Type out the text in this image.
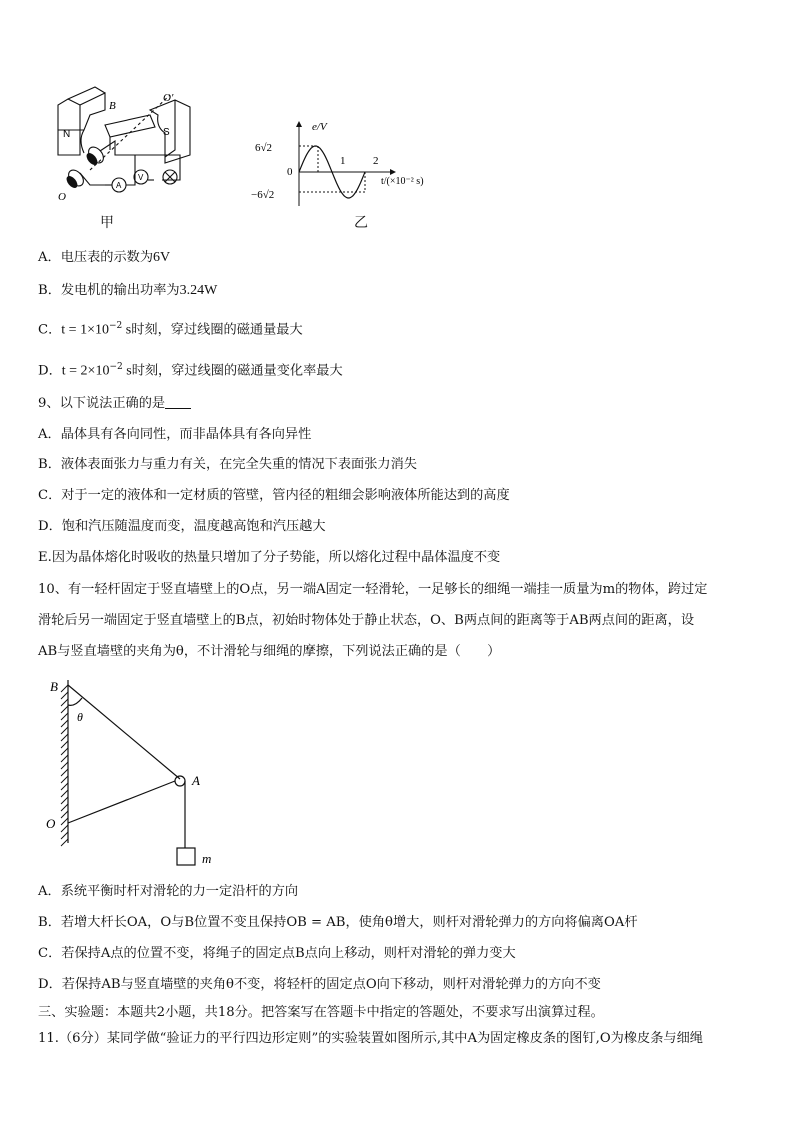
N	S
B
O′
O
A
V
甲
e/V
6√2
−6√2
0
1	2
t/(×10⁻² s)
乙
A．电压表的示数为6V
B．发电机的输出功率为3.24W
C．$t = 1\times 10^{-2}$ s时刻，穿过线圈的磁通量最大
D．$t = 2\times 10^{-2}$ s时刻，穿过线圈的磁通量变化率最大
9、以下说法正确的是
A．晶体具有各向同性，而非晶体具有各向异性
B．液体表面张力与重力有关，在完全失重的情况下表面张力消失
C．对于一定的液体和一定材质的管壁，管内径的粗细会影响液体所能达到的高度
D．饱和汽压随温度而变，温度越高饱和汽压越大
E.因为晶体熔化时吸收的热量只增加了分子势能，所以熔化过程中晶体温度不变
10、有一轻杆固定于竖直墙壁上的O点，另一端A固定一轻滑轮，一足够长的细绳一端挂一质量为m的物体，跨过定
滑轮后另一端固定于竖直墙壁上的B点，初始时物体处于静止状态，O、B两点间的距离等于AB两点间的距离，设
AB与竖直墙壁的夹角为θ，不计滑轮与细绳的摩擦，下列说法正确的是（　　）
B
θ
A
O
m
A．系统平衡时杆对滑轮的力一定沿杆的方向
B．若增大杆长OA，O与B位置不变且保持OB = AB，使角θ增大，则杆对滑轮弹力的方向将偏离OA杆
C．若保持A点的位置不变，将绳子的固定点B点向上移动，则杆对滑轮的弹力变大
D．若保持AB与竖直墙壁的夹角θ不变，将轻杆的固定点O向下移动，则杆对滑轮弹力的方向不变
三、实验题：本题共2小题，共18分。把答案写在答题卡中指定的答题处，不要求写出演算过程。
11.（6分）某同学做“验证力的平行四边形定则”的实验装置如图所示,其中A为固定橡皮条的图钉,O为橡皮条与细绳
